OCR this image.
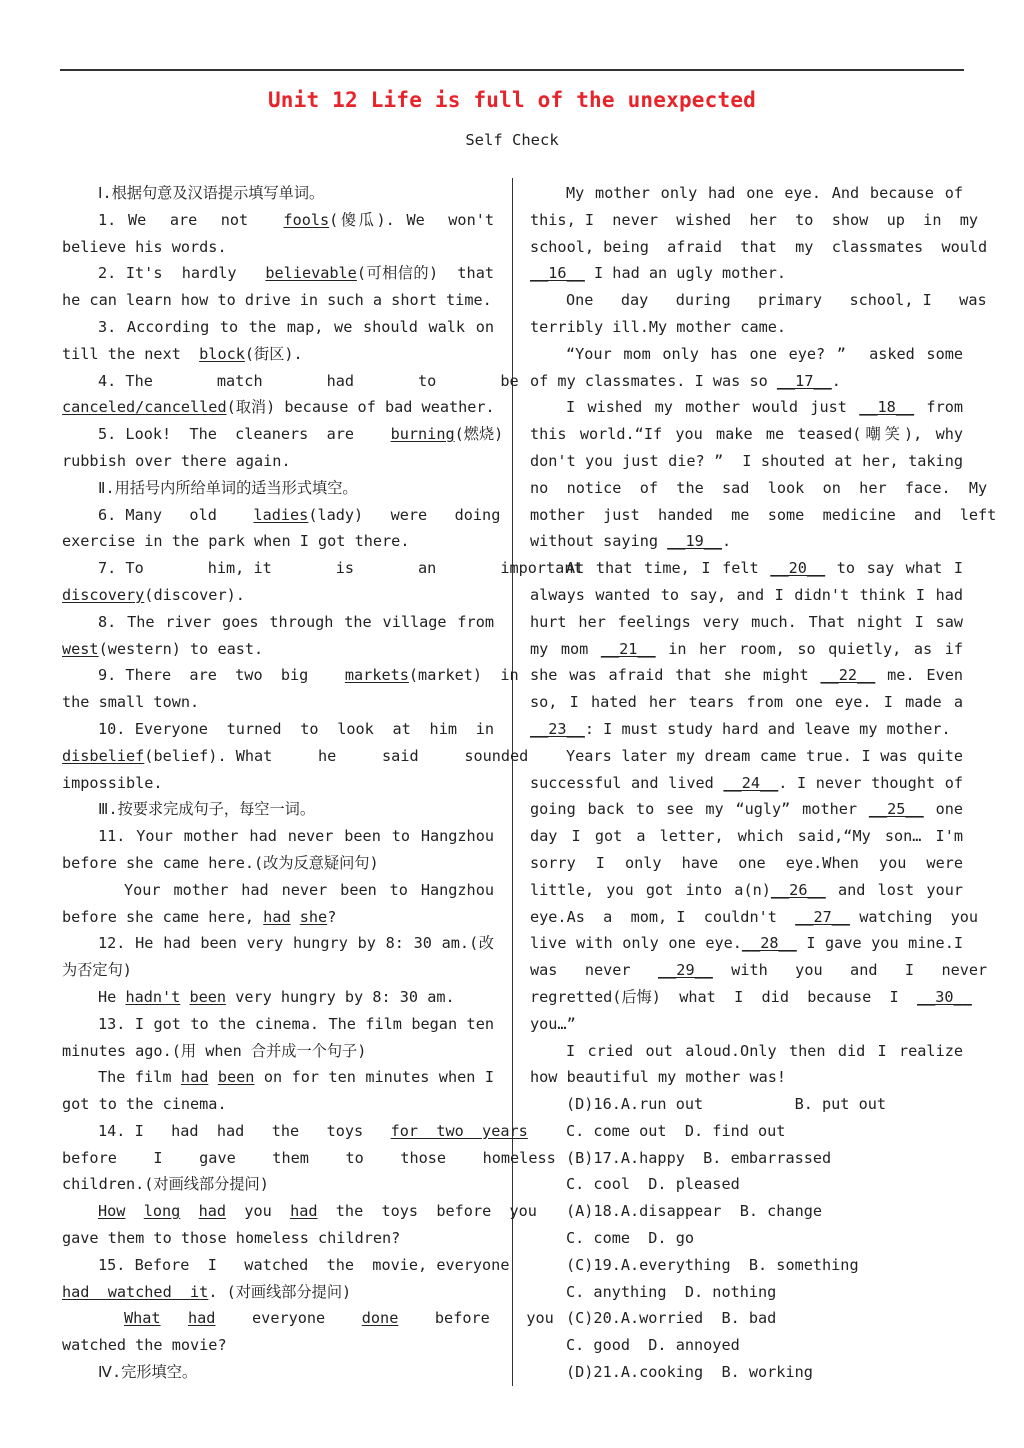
Unit 12 Life is full of the unexpected
Self Check
Ⅰ.根据句意及汉语提示填写单词。
1. We  are  not   fools(傻瓜). We  won't
believe his words.
2. It's  hardly   believable(可相信的)  that
he can learn how to drive in such a short time.
3. According to the map, we should walk on
till the next  block(街区).
4. The       match       had       to       be
canceled/cancelled(取消) because of bad weather.
5. Look!  The  cleaners  are    burning(燃烧)
rubbish over there again.
Ⅱ.用括号内所给单词的适当形式填空。
6. Many   old    ladies(lady)   were   doing
exercise in the park when I got there.
7. To       him, it       is       an       important
discovery(discover).
8. The river goes through the village from
west(western) to east.
9. There  are  two  big    markets(market)  in
the small town.
10. Everyone  turned  to  look  at  him  in
disbelief(belief). What     he     said     sounded
impossible.
Ⅲ.按要求完成句子，每空一词。
11. Your mother had never been to Hangzhou
before she came here.(改为反意疑问句)
Your mother had never been to Hangzhou
before she came here, had she?
12. He had been very hungry by 8: 30 am.(改
为否定句)
He hadn't been very hungry by 8: 30 am.
13. I got to the cinema. The film began ten
minutes ago.(用 when 合并成一个句子)
The film had been on for ten minutes when I
got to the cinema.
14. I   had  had   the   toys   for  two  years
before    I    gave    them    to    those    homeless
children.(对画线部分提问)
How long had  you  had  the  toys  before  you
gave them to those homeless children?
15. Before  I   watched  the  movie, everyone
had  watched  it. (对画线部分提问)
What had    everyone    done    before    you
watched the movie?
Ⅳ.完形填空。
My mother only had one eye. And because of
this, I  never  wished  her  to  show  up  in  my
school, being  afraid  that  my  classmates  would
__16__ I had an ugly mother.
One   day   during   primary   school, I   was
terribly ill.My mother came.
“Your mom only has one eye? ”  asked some
of my classmates. I was so __17__.
I wished my mother would just __18__ from
this world.“If you make me teased(嘲笑), why
don't you just die? ”  I shouted at her, taking
no  notice  of  the  sad  look  on  her  face.  My
mother  just  handed  me  some  medicine  and  left
without saying __19__.
At that time, I felt __20__ to say what I
always wanted to say, and I didn't think I had
hurt her feelings very much. That night I saw
my mom __21__ in her room, so quietly, as if
she was afraid that she might __22__ me. Even
so, I hated her tears from one eye. I made a
__23__: I must study hard and leave my mother.
Years later my dream came true. I was quite
successful and lived __24__. I never thought of
going back to see my “ugly” mother __25__ one
day I got a letter, which said,“My son… I'm
sorry  I  only  have  one  eye.When  you  were
little, you got into a(n)__26__ and lost your
eye.As  a  mom, I  couldn't  __27__ watching  you
live with only one eye.__28__ I gave you mine.I
was   never   __29__  with   you   and   I   never
regretted(后悔)  what  I  did  because  I  __30__
you…”
I cried out aloud.Only then did I realize
how beautiful my mother was!
(D)16.A.run out          B. put out
C. come out  D. find out
(B)17.A.happy  B. embarrassed
C. cool  D. pleased
(A)18.A.disappear  B. change
C. come  D. go
(C)19.A.everything  B. something
C. anything  D. nothing
(C)20.A.worried  B. bad
C. good  D. annoyed
(D)21.A.cooking  B. working
